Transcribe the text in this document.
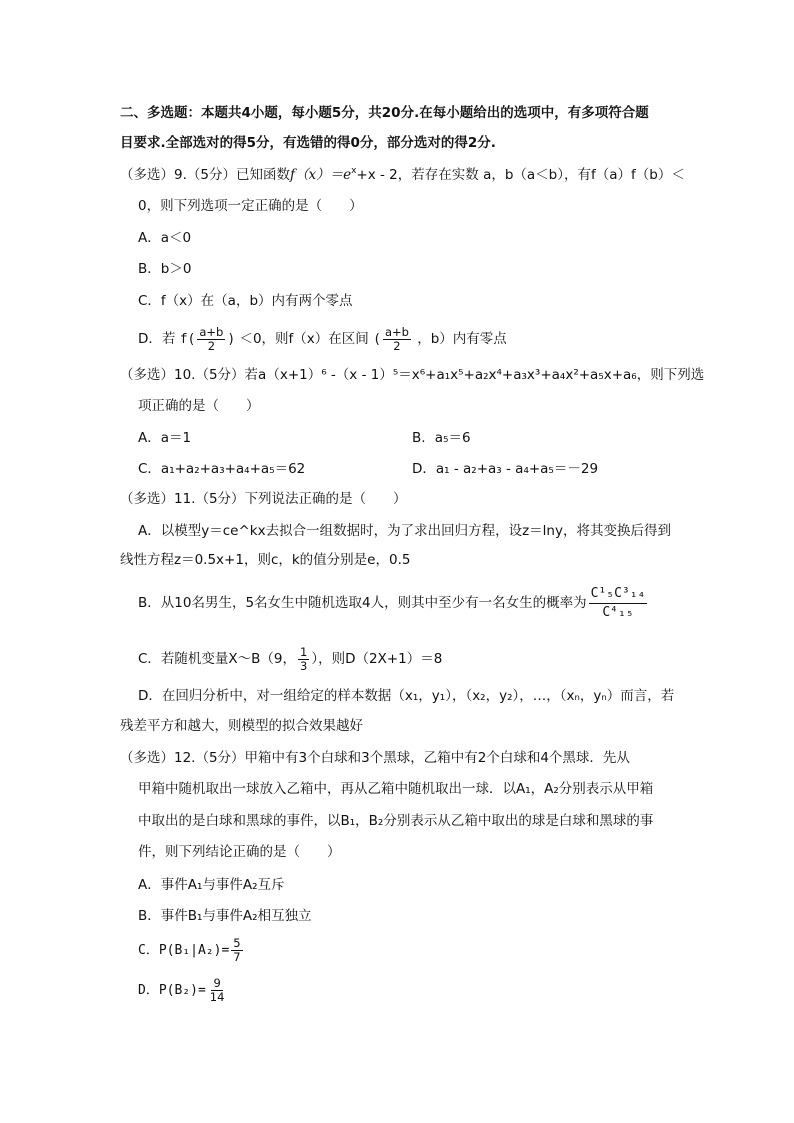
二、多选题：本题共4小题，每小题5分，共20分.在每小题给出的选项中，有多项符合题
目要求.全部选对的得5分，有选错的得0分，部分选对的得2分.
（多选）9.（5分）已知函数$f(x)=e^x+x - 2$，若存在实数 a，b（a＜b），有f（a）f（b）＜
0，则下列选项一定正确的是（　　）
A．a＜0
B．b＞0
C．f（x）在（a，b）内有两个零点
D．若 $f( \frac{a+b}{2}$ ) ＜0，则f（x）在区间 ( $\frac{a+b}{2}$ ，b）内有零点
（多选）10.（5分）若a（x+1）⁶ -（x - 1）⁵＝x⁶+a₁x⁵+a₂x⁴+a₃x³+a₄x²+a₅x+a₆，则下列选
项正确的是（　　）
A．a＝1	B．a₅＝6
C．a₁+a₂+a₃+a₄+a₅＝62	D．a₁ - a₂+a₃ - a₄+a₅＝－29
（多选）11.（5分）下列说法正确的是（　　）
A．以模型y＝ce^kx去拟合一组数据时，为了求出回归方程，设z＝lny，将其变换后得到
线性方程z＝0.5x+1，则c，k的值分别是e，0.5
B．从10名男生，5名女生中随机选取4人，则其中至少有一名女生的概率为 $\frac{\text{C¹₅C³₁₄}}{\text{C⁴₁₅}}$
C．若随机变量X～B（9， $\frac{1}{3}$ ），则D（2X+1）＝8
D．在回归分析中，对一组给定的样本数据（x₁，y₁），（x₂，y₂），…，（xₙ，yₙ）而言，若
残差平方和越大，则模型的拟合效果越好
（多选）12.（5分）甲箱中有3个白球和3个黑球，乙箱中有2个白球和4个黑球．先从
甲箱中随机取出一球放入乙箱中，再从乙箱中随机取出一球．以A₁，A₂分别表示从甲箱
中取出的是白球和黑球的事件，以B₁，B₂分别表示从乙箱中取出的球是白球和黑球的事
件，则下列结论正确的是（　　）
A．事件A₁与事件A₂互斥
B．事件B₁与事件A₂相互独立
C．$P(B_1|A_2)= \frac{5}{7}$
D．$P(B_2)= \frac{9}{14}$
